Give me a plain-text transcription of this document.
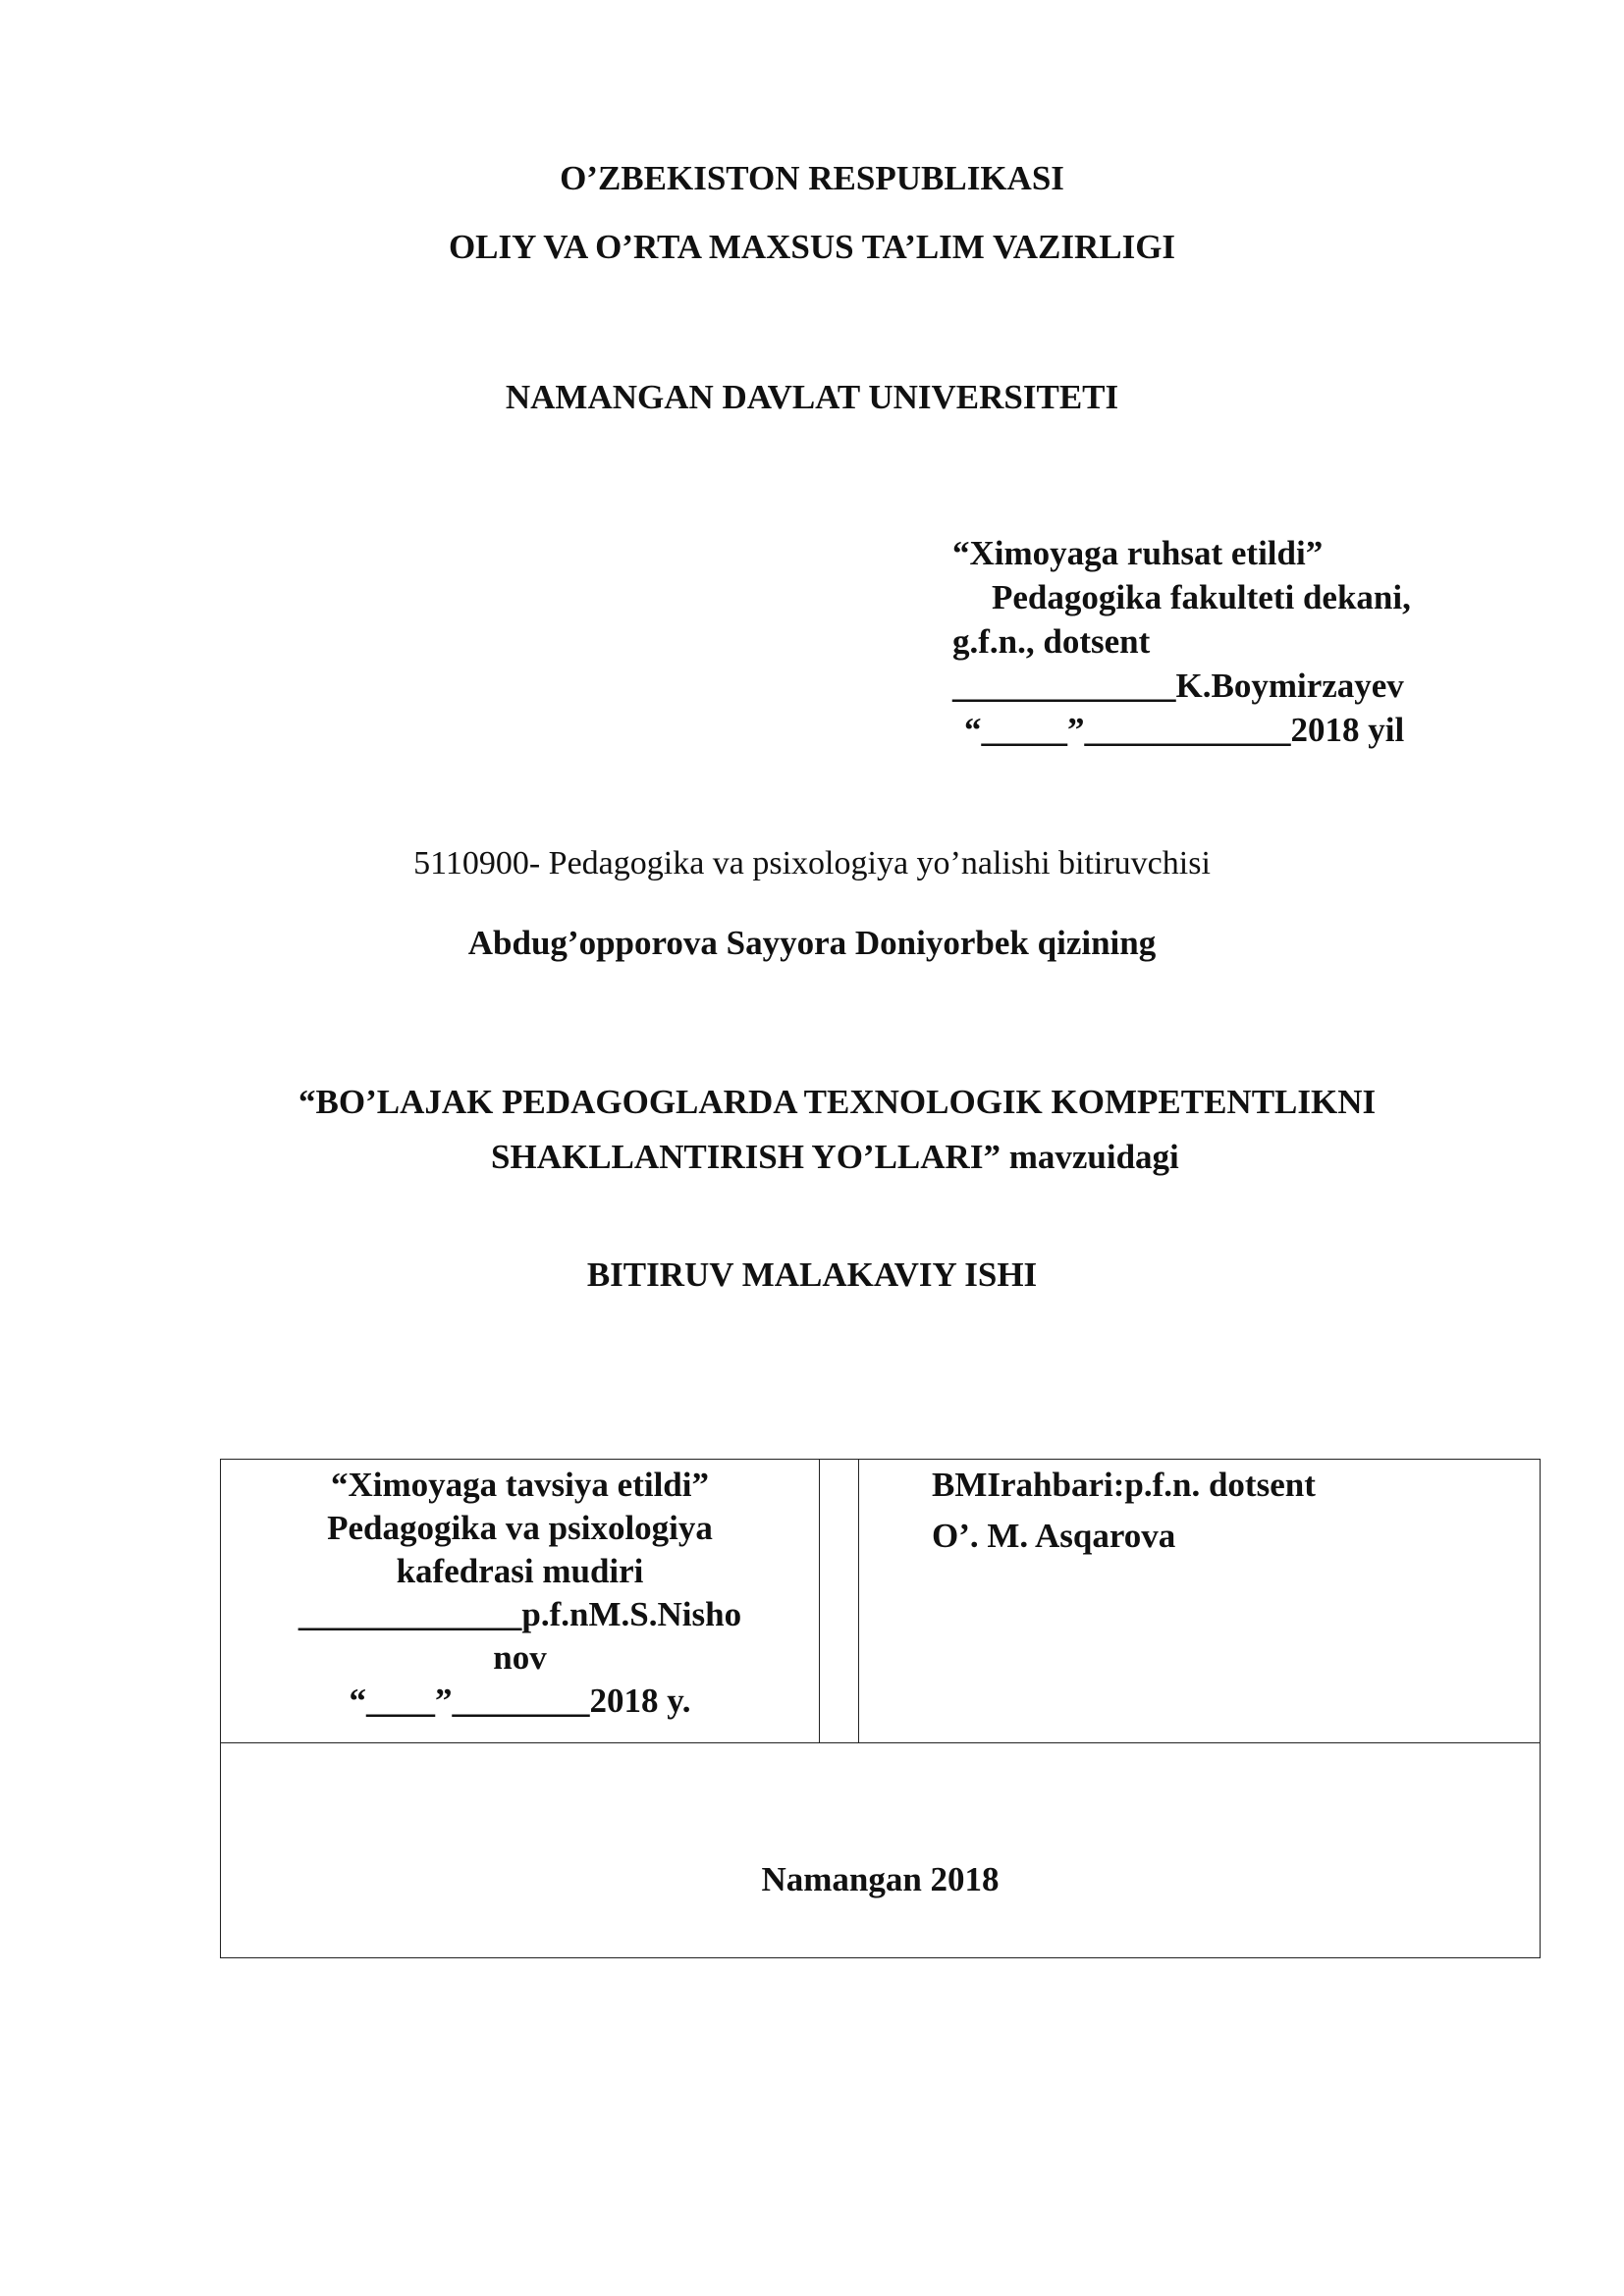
O’ZBEKISTON RESPUBLIKASI
OLIY VA O’RTA MAXSUS TA’LIM VAZIRLIGI
NAMANGAN DAVLAT UNIVERSITETI
“Ximoyaga ruhsat etildi”
Pedagogika fakulteti dekani,
g.f.n., dotsent
_____________K.Boymirzayev
“_____”____________2018 yil
5110900- Pedagogika va psixologiya yo’nalishi bitiruvchisi
Abdug’opporova Sayyora Doniyorbek qizining
“BO’LAJAK PEDAGOGLARDA TEXNOLOGIK KOMPETENTLIKNI
SHAKLLANTIRISH YO’LLARI” mavzuidagi
BITIRUV MALAKAVIY ISHI
“Ximoyaga tavsiya etildi”
Pedagogika va psixologiya
kafedrasi mudiri
_____________p.f.nM.S.Nisho
nov
“____”________2018 y.

BMIrahbari:p.f.n. dotsent
O’. M. Asqarova

Namangan 2018
